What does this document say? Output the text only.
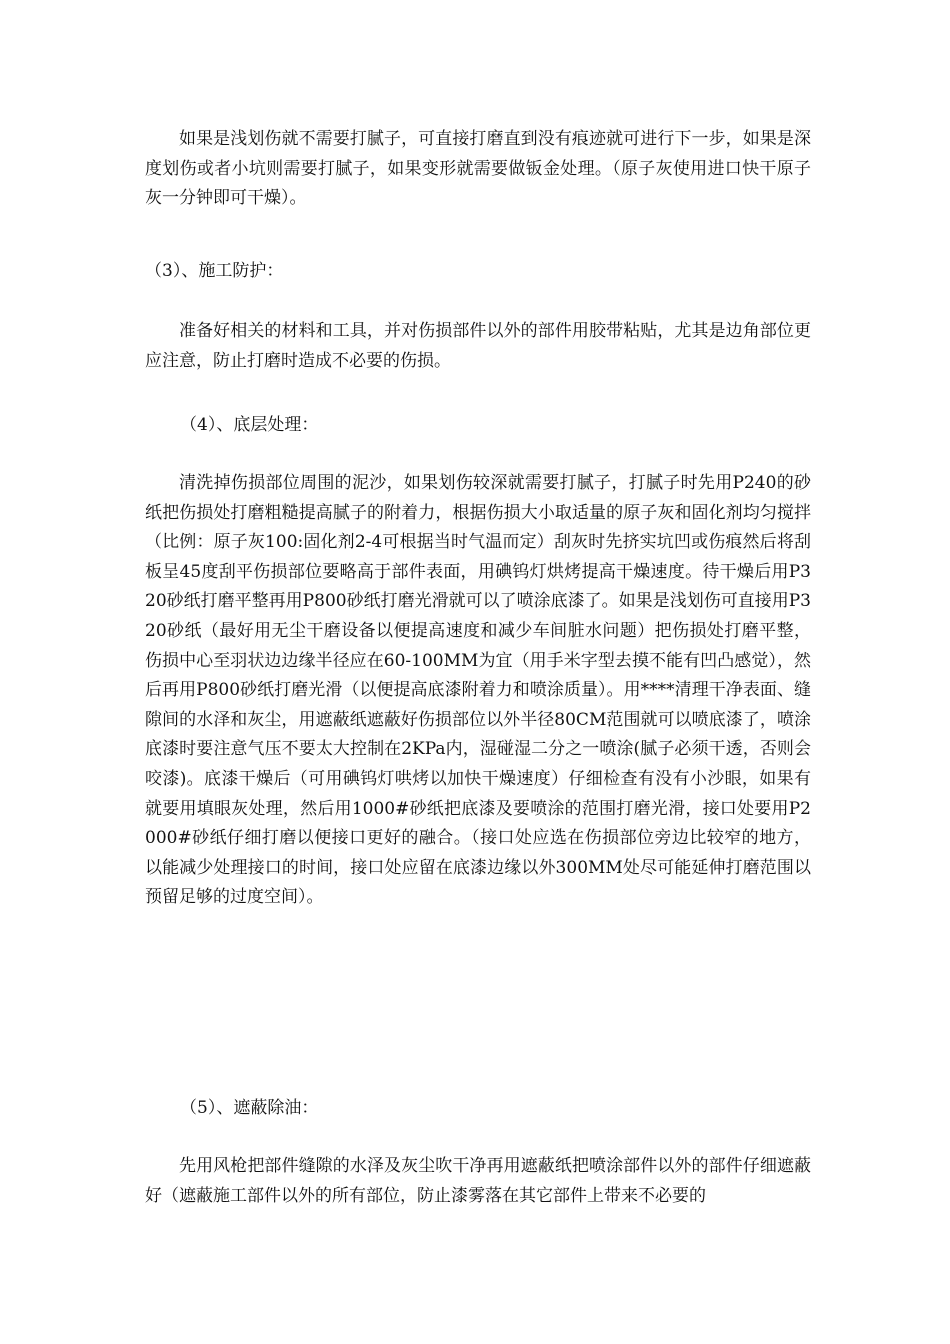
如果是浅划伤就不需要打腻子，可直接打磨直到没有痕迹就可进行下一步，如果是深度划伤或者小坑则需要打腻子，如果变形就需要做钣金处理。（原子灰使用进口快干原子灰一分钟即可干燥）。

（3）、施工防护：

准备好相关的材料和工具，并对伤损部件以外的部件用胶带粘贴，尤其是边角部位更应注意，防止打磨时造成不必要的伤损。

（4）、底层处理：

清洗掉伤损部位周围的泥沙，如果划伤较深就需要打腻子，打腻子时先用P240的砂纸把伤损处打磨粗糙提高腻子的附着力，根据伤损大小取适量的原子灰和固化剂均匀搅拌（比例：原子灰100:固化剂2-4可根据当时气温而定）刮灰时先挤实坑凹或伤痕然后将刮板呈45度刮平伤损部位要略高于部件表面，用碘钨灯烘烤提高干燥速度。待干燥后用P320砂纸打磨平整再用P800砂纸打磨光滑就可以了喷涂底漆了。如果是浅划伤可直接用P320砂纸（最好用无尘干磨设备以便提高速度和减少车间脏水问题）把伤损处打磨平整，伤损中心至羽状边边缘半径应在60-100MM为宜（用手米字型去摸不能有凹凸感觉），然后再用P800砂纸打磨光滑（以便提高底漆附着力和喷涂质量）。用****清理干净表面、缝隙间的水泽和灰尘，用遮蔽纸遮蔽好伤损部位以外半径80CM范围就可以喷底漆了，喷涂底漆时要注意气压不要太大控制在2KPa内，湿碰湿二分之一喷涂(腻子必须干透，否则会咬漆)。底漆干燥后（可用碘钨灯哄烤以加快干燥速度）仔细检查有没有小沙眼，如果有就要用填眼灰处理，然后用1000#砂纸把底漆及要喷涂的范围打磨光滑，接口处要用P2000#砂纸仔细打磨以便接口更好的融合。（接口处应选在伤损部位旁边比较窄的地方，以能减少处理接口的时间，接口处应留在底漆边缘以外300MM处尽可能延伸打磨范围以预留足够的过度空间）。

（5）、遮蔽除油：

先用风枪把部件缝隙的水泽及灰尘吹干净再用遮蔽纸把喷涂部件以外的部件仔细遮蔽好（遮蔽施工部件以外的所有部位，防止漆雾落在其它部件上带来不必要的
